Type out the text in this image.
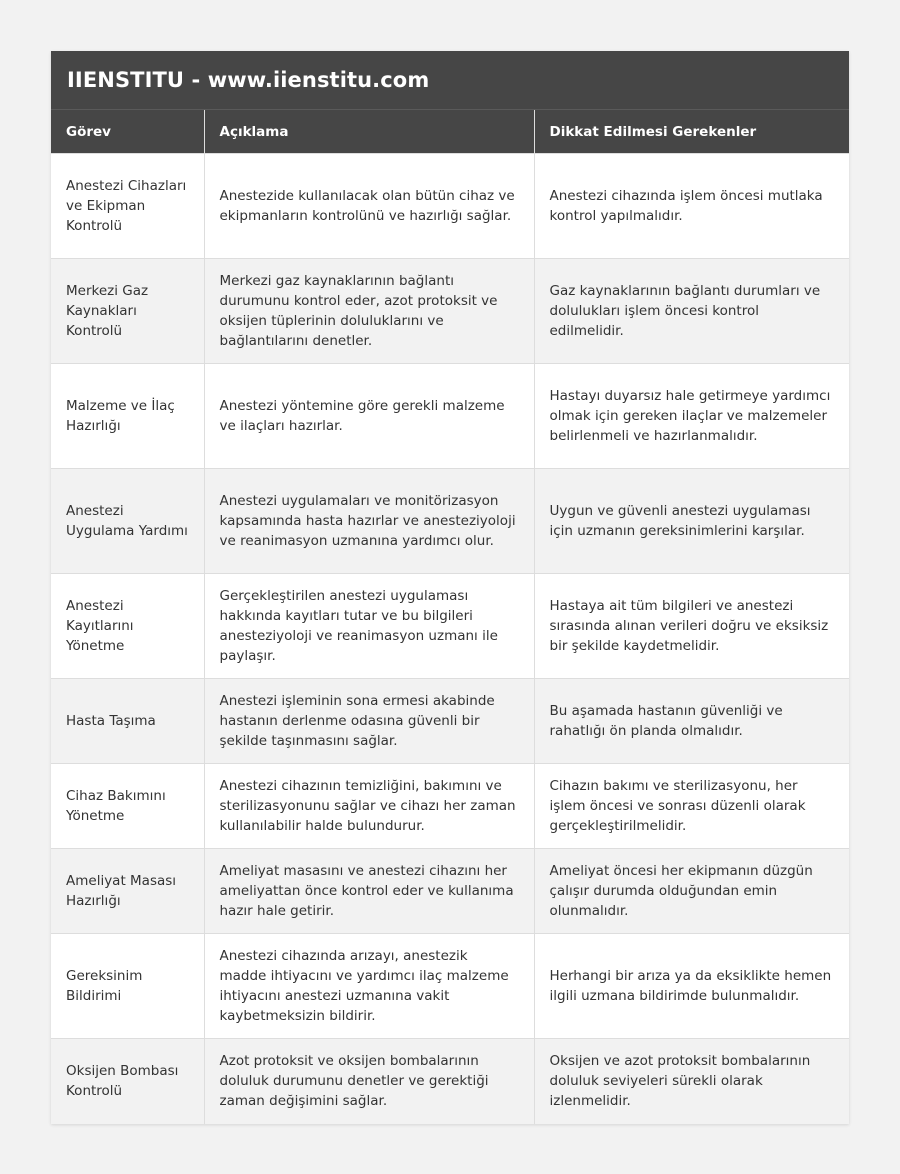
IIENSTITU - www.iienstitu.com
Görev	Açıklama	Dikkat Edilmesi Gerekenler
Anestezi Cihazları ve Ekipman Kontrolü	Anestezide kullanılacak olan bütün cihaz ve ekipmanların kontrolünü ve hazırlığı sağlar.	Anestezi cihazında işlem öncesi mutlaka kontrol yapılmalıdır.
Merkezi Gaz Kaynakları Kontrolü	Merkezi gaz kaynaklarının bağlantı durumunu kontrol eder, azot protoksit ve oksijen tüplerinin doluluklarını ve bağlantılarını denetler.	Gaz kaynaklarının bağlantı durumları ve dolulukları işlem öncesi kontrol edilmelidir.
Malzeme ve İlaç Hazırlığı	Anestezi yöntemine göre gerekli malzeme ve ilaçları hazırlar.	Hastayı duyarsız hale getirmeye yardımcı olmak için gereken ilaçlar ve malzemeler belirlenmeli ve hazırlanmalıdır.
Anestezi Uygulama Yardımı	Anestezi uygulamaları ve monitörizasyon kapsamında hasta hazırlar ve anesteziyoloji ve reanimasyon uzmanına yardımcı olur.	Uygun ve güvenli anestezi uygulaması için uzmanın gereksinimlerini karşılar.
Anestezi Kayıtlarını Yönetme	Gerçekleştirilen anestezi uygulaması hakkında kayıtları tutar ve bu bilgileri anesteziyoloji ve reanimasyon uzmanı ile paylaşır.	Hastaya ait tüm bilgileri ve anestezi sırasında alınan verileri doğru ve eksiksiz bir şekilde kaydetmelidir.
Hasta Taşıma	Anestezi işleminin sona ermesi akabinde hastanın derlenme odasına güvenli bir şekilde taşınmasını sağlar.	Bu aşamada hastanın güvenliği ve rahatlığı ön planda olmalıdır.
Cihaz Bakımını Yönetme	Anestezi cihazının temizliğini, bakımını ve sterilizasyonunu sağlar ve cihazı her zaman kullanılabilir halde bulundurur.	Cihazın bakımı ve sterilizasyonu, her işlem öncesi ve sonrası düzenli olarak gerçekleştirilmelidir.
Ameliyat Masası Hazırlığı	Ameliyat masasını ve anestezi cihazını her ameliyattan önce kontrol eder ve kullanıma hazır hale getirir.	Ameliyat öncesi her ekipmanın düzgün çalışır durumda olduğundan emin olunmalıdır.
Gereksinim Bildirimi	Anestezi cihazında arızayı, anestezik madde ihtiyacını ve yardımcı ilaç malzeme ihtiyacını anestezi uzmanına vakit kaybetmeksizin bildirir.	Herhangi bir arıza ya da eksiklikte hemen ilgili uzmana bildirimde bulunmalıdır.
Oksijen Bombası Kontrolü	Azot protoksit ve oksijen bombalarının doluluk durumunu denetler ve gerektiği zaman değişimini sağlar.	Oksijen ve azot protoksit bombalarının doluluk seviyeleri sürekli olarak izlenmelidir.
